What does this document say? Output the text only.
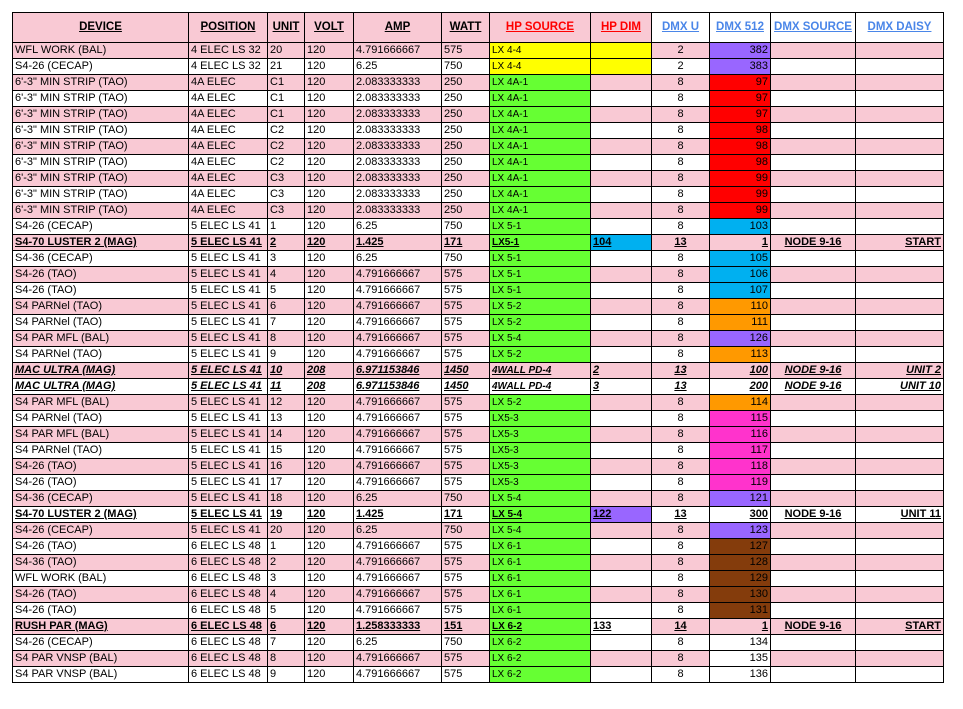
DEVICE	POSITION	UNIT	VOLT	AMP	WATT	HP SOURCE	HP DIM	DMX U	DMX 512	DMX SOURCE	DMX DAISY
WFL WORK (BAL)	4 ELEC LS 32	20	120	4.791666667	575	LX 4-4		2	382		
S4-26 (CECAP)	4 ELEC LS 32	21	120	6.25	750	LX 4-4		2	383		
6'-3" MIN STRIP (TAO)	4A ELEC	C1	120	2.083333333	250	LX 4A-1		8	97		
6'-3" MIN STRIP (TAO)	4A ELEC	C1	120	2.083333333	250	LX 4A-1		8	97		
6'-3" MIN STRIP (TAO)	4A ELEC	C1	120	2.083333333	250	LX 4A-1		8	97		
6'-3" MIN STRIP (TAO)	4A ELEC	C2	120	2.083333333	250	LX 4A-1		8	98		
6'-3" MIN STRIP (TAO)	4A ELEC	C2	120	2.083333333	250	LX 4A-1		8	98		
6'-3" MIN STRIP (TAO)	4A ELEC	C2	120	2.083333333	250	LX 4A-1		8	98		
6'-3" MIN STRIP (TAO)	4A ELEC	C3	120	2.083333333	250	LX 4A-1		8	99		
6'-3" MIN STRIP (TAO)	4A ELEC	C3	120	2.083333333	250	LX 4A-1		8	99		
6'-3" MIN STRIP (TAO)	4A ELEC	C3	120	2.083333333	250	LX 4A-1		8	99		
S4-26 (CECAP)	5 ELEC LS 41	1	120	6.25	750	LX 5-1		8	103		
S4-70 LUSTER 2 (MAG)	5 ELEC LS 41	2	120	1.425	171	LX5-1	104	13	1	NODE 9-16	START
S4-36 (CECAP)	5 ELEC LS 41	3	120	6.25	750	LX 5-1		8	105		
S4-26 (TAO)	5 ELEC LS 41	4	120	4.791666667	575	LX 5-1		8	106		
S4-26 (TAO)	5 ELEC LS 41	5	120	4.791666667	575	LX 5-1		8	107		
S4 PARNel (TAO)	5 ELEC LS 41	6	120	4.791666667	575	LX 5-2		8	110		
S4 PARNel (TAO)	5 ELEC LS 41	7	120	4.791666667	575	LX 5-2		8	111		
S4 PAR MFL (BAL)	5 ELEC LS 41	8	120	4.791666667	575	LX 5-4		8	126		
S4 PARNel (TAO)	5 ELEC LS 41	9	120	4.791666667	575	LX 5-2		8	113		
MAC ULTRA (MAG)	5 ELEC LS 41	10	208	6.971153846	1450	4WALL PD-4	2	13	100	NODE 9-16	UNIT 2
MAC ULTRA (MAG)	5 ELEC LS 41	11	208	6.971153846	1450	4WALL PD-4	3	13	200	NODE 9-16	UNIT 10
S4 PAR MFL (BAL)	5 ELEC LS 41	12	120	4.791666667	575	LX 5-2		8	114		
S4 PARNel (TAO)	5 ELEC LS 41	13	120	4.791666667	575	LX5-3		8	115		
S4 PAR MFL (BAL)	5 ELEC LS 41	14	120	4.791666667	575	LX5-3		8	116		
S4 PARNel (TAO)	5 ELEC LS 41	15	120	4.791666667	575	LX5-3		8	117		
S4-26 (TAO)	5 ELEC LS 41	16	120	4.791666667	575	LX5-3		8	118		
S4-26 (TAO)	5 ELEC LS 41	17	120	4.791666667	575	LX5-3		8	119		
S4-36 (CECAP)	5 ELEC LS 41	18	120	6.25	750	LX 5-4		8	121		
S4-70 LUSTER 2 (MAG)	5 ELEC LS 41	19	120	1.425	171	LX 5-4	122	13	300	NODE 9-16	UNIT 11
S4-26 (CECAP)	5 ELEC LS 41	20	120	6.25	750	LX 5-4		8	123		
S4-26 (TAO)	6 ELEC LS 48	1	120	4.791666667	575	LX 6-1		8	127		
S4-36 (TAO)	6 ELEC LS 48	2	120	4.791666667	575	LX 6-1		8	128		
WFL WORK (BAL)	6 ELEC LS 48	3	120	4.791666667	575	LX 6-1		8	129		
S4-26 (TAO)	6 ELEC LS 48	4	120	4.791666667	575	LX 6-1		8	130		
S4-26 (TAO)	6 ELEC LS 48	5	120	4.791666667	575	LX 6-1		8	131		
RUSH PAR (MAG)	6 ELEC LS 48	6	120	1.258333333	151	LX 6-2	133	14	1	NODE 9-16	START
S4-26 (CECAP)	6 ELEC LS 48	7	120	6.25	750	LX 6-2		8	134		
S4 PAR VNSP (BAL)	6 ELEC LS 48	8	120	4.791666667	575	LX 6-2		8	135		
S4 PAR VNSP (BAL)	6 ELEC LS 48	9	120	4.791666667	575	LX 6-2		8	136		
